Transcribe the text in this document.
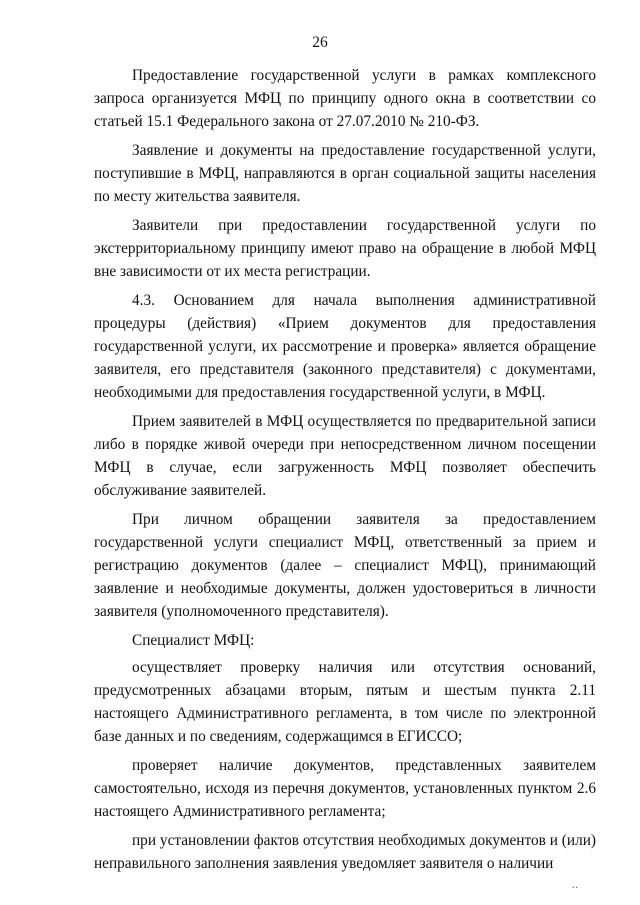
26

Предоставление государственной услуги в рамках комплексного запроса организуется МФЦ по принципу одного окна в соответствии со статьей 15.1 Федерального закона от 27.07.2010 № 210-ФЗ.

Заявление и документы на предоставление государственной услуги, поступившие в МФЦ, направляются в орган социальной защиты населения по месту жительства заявителя.

Заявители при предоставлении государственной услуги по экстерриториальному принципу имеют право на обращение в любой МФЦ вне зависимости от их места регистрации.

4.3. Основанием для начала выполнения административной процедуры (действия) «Прием документов для предоставления государственной услуги, их рассмотрение и проверка» является обращение заявителя, его представителя (законного представителя) с документами, необходимыми для предоставления государственной услуги, в МФЦ.

Прием заявителей в МФЦ осуществляется по предварительной записи либо в порядке живой очереди при непосредственном личном посещении МФЦ в случае, если загруженность МФЦ позволяет обеспечить обслуживание заявителей.

При личном обращении заявителя за предоставлением государственной услуги специалист МФЦ, ответственный за прием и регистрацию документов (далее – специалист МФЦ), принимающий заявление и необходимые документы, должен удостовериться в личности заявителя (уполномоченного представителя).

Специалист МФЦ:

осуществляет проверку наличия или отсутствия оснований, предусмотренных абзацами вторым, пятым и шестым пункта 2.11 настоящего Административного регламента, в том числе по электронной базе данных и по сведениям, содержащимся в ЕГИССО;

проверяет наличие документов, представленных заявителем самостоятельно, исходя из перечня документов, установленных пунктом 2.6 настоящего Административного регламента;

при установлении фактов отсутствия необходимых документов и (или) неправильного заполнения заявления уведомляет заявителя о наличии

..
